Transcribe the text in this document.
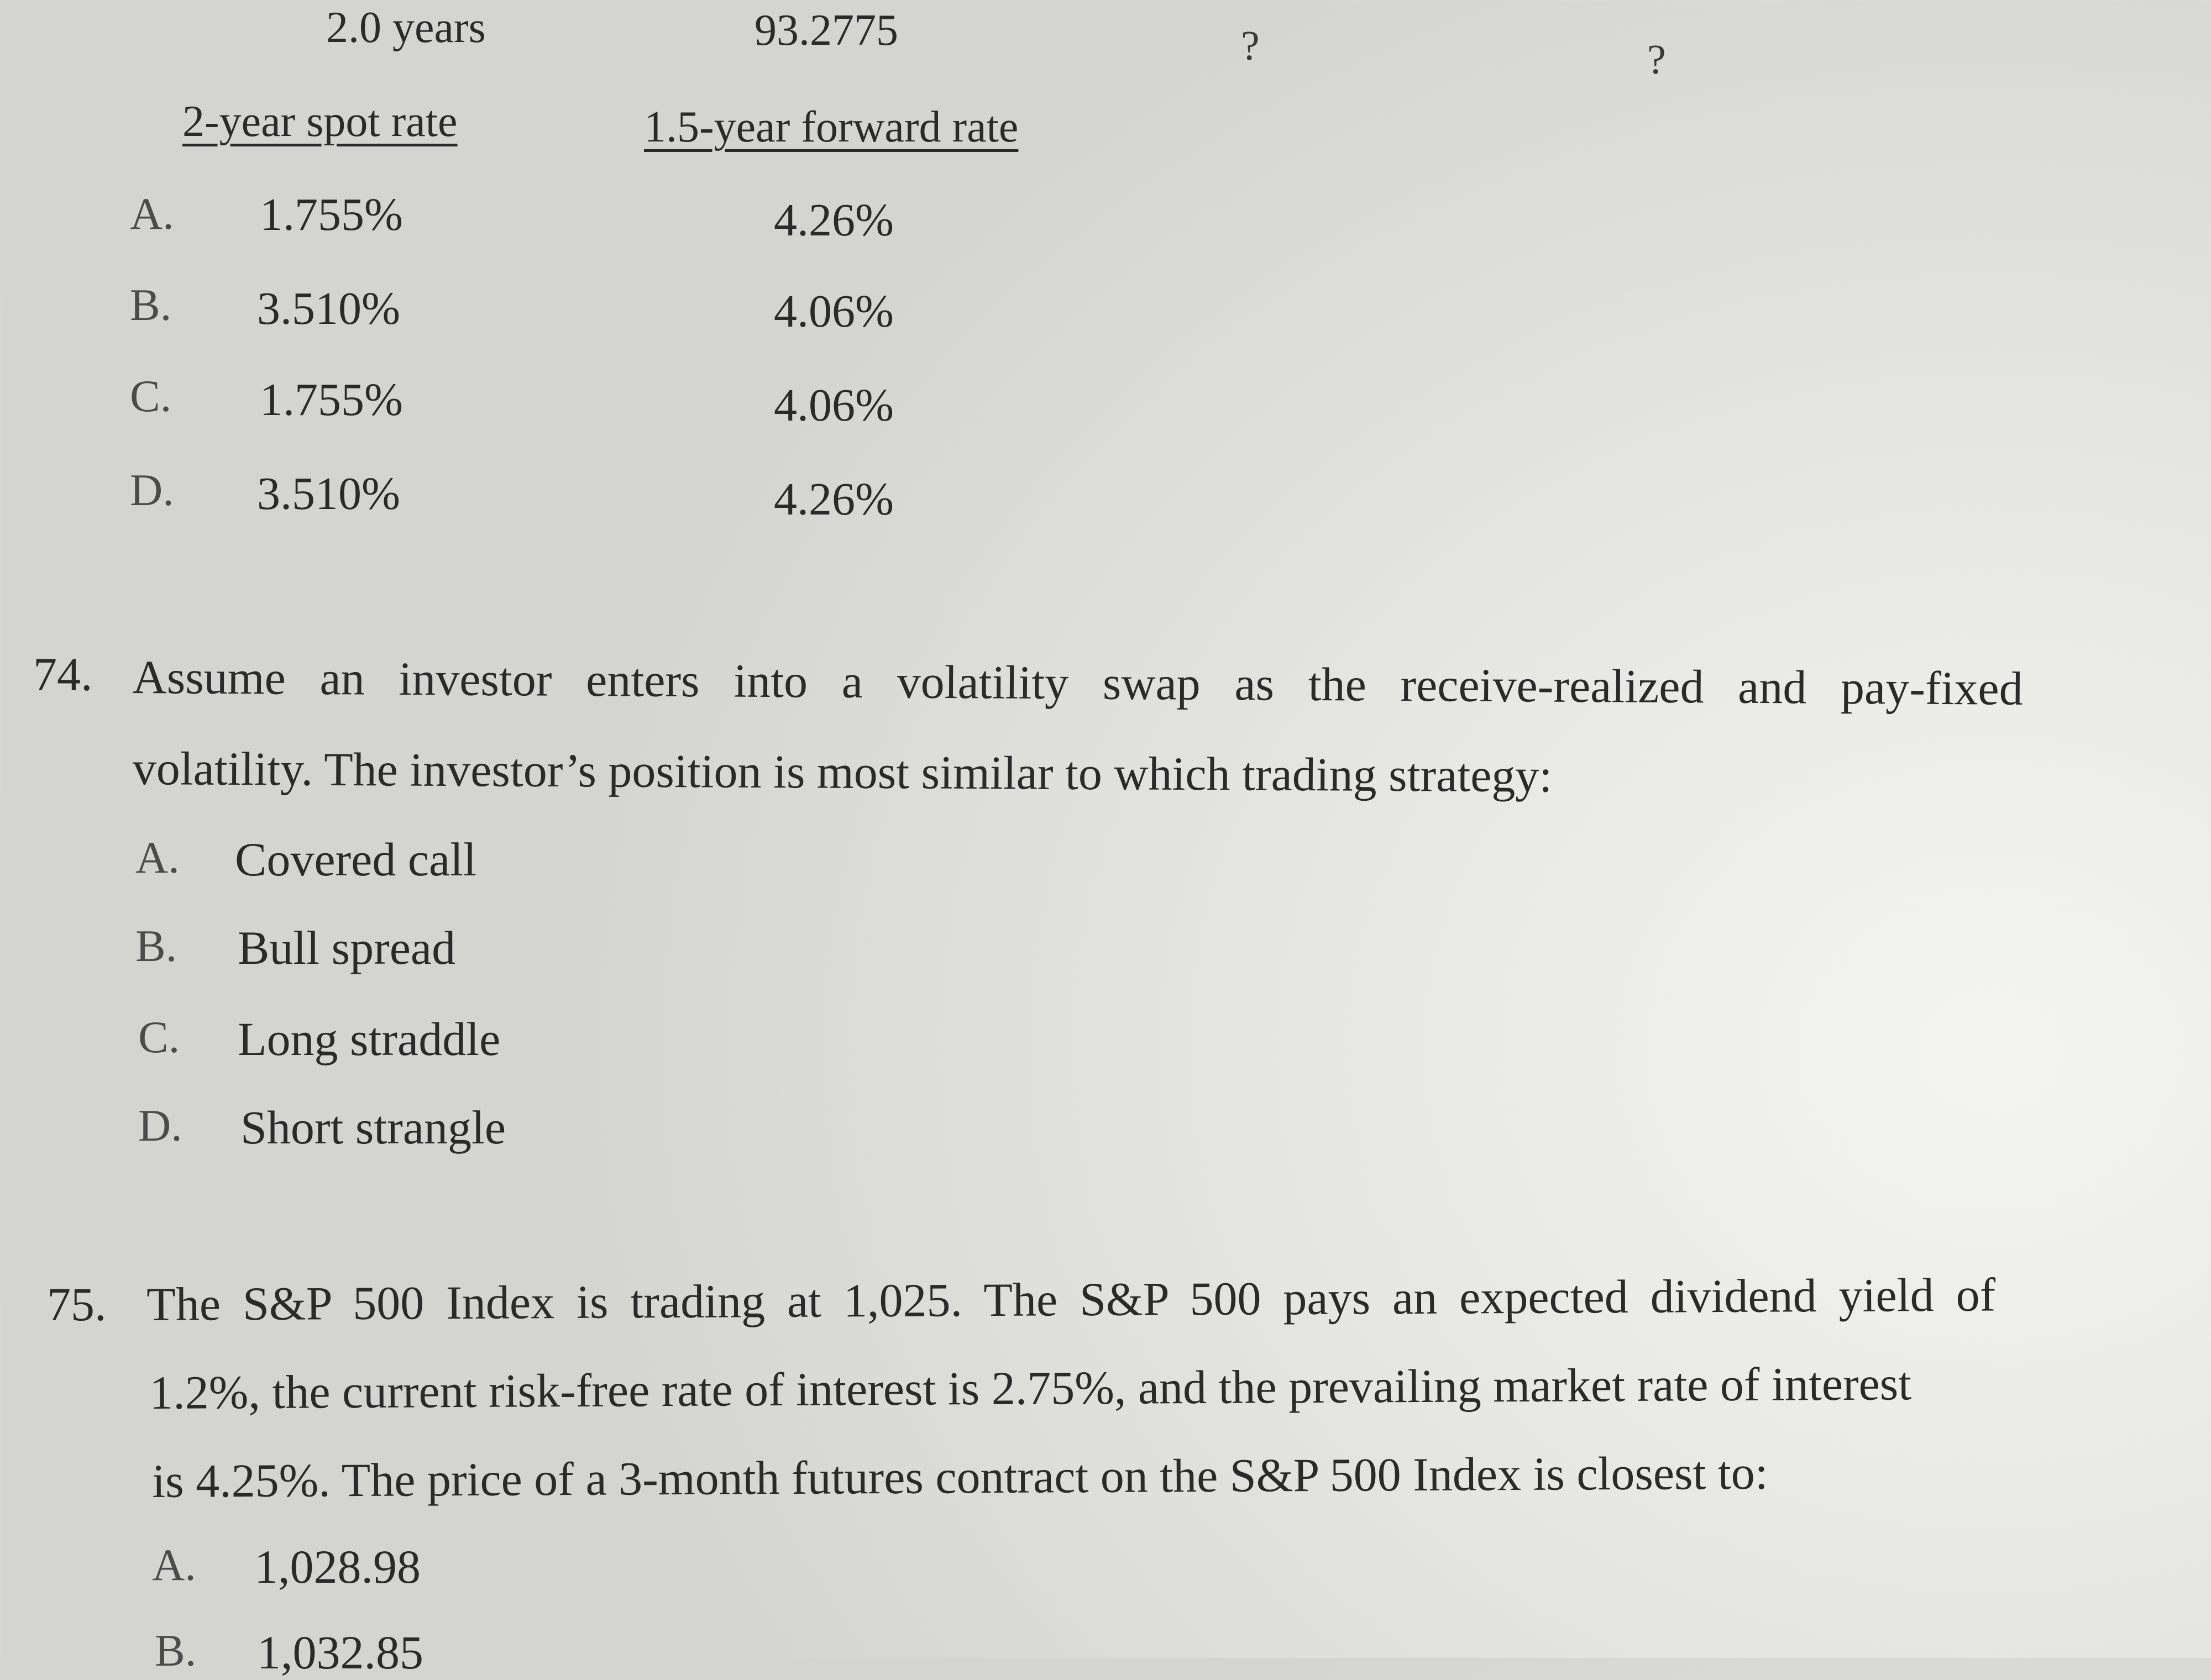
2.0 years	93.2775	?	?
2-year spot rate	1.5-year forward rate
A. 1.755%	4.26%
B. 3.510%	4.06%
C. 1.755%	4.06%
D. 3.510%	4.26%
74. Assume an investor enters into a volatility swap as the receive-realized and pay-fixed
volatility. The investor’s position is most similar to which trading strategy:
A. Covered call
B. Bull spread
C. Long straddle
D. Short strangle
75. The S&P 500 Index is trading at 1,025. The S&P 500 pays an expected dividend yield of
1.2%, the current risk-free rate of interest is 2.75%, and the prevailing market rate of interest
is 4.25%. The price of a 3-month futures contract on the S&P 500 Index is closest to:
A. 1,028.98
B. 1,032.85
